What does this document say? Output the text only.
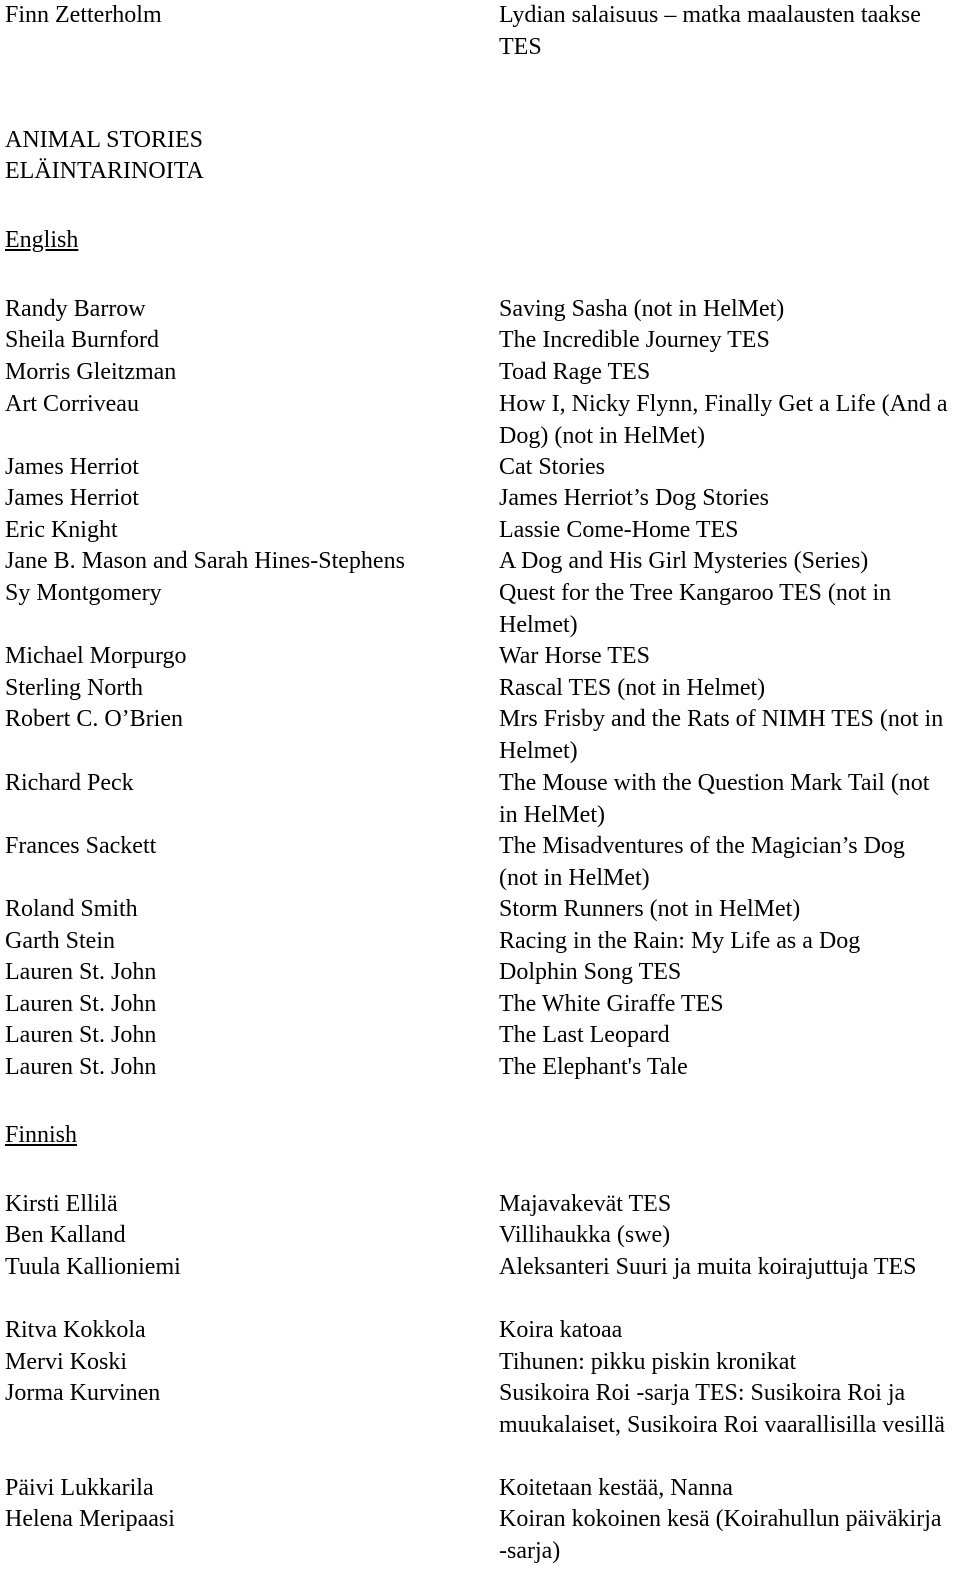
Finn Zetterholm	Lydian salaisuus – matka maalausten taakse TES
ANIMAL STORIES
ELÄINTARINOITA
English
Randy Barrow	Saving Sasha (not in HelMet)
Sheila Burnford	The Incredible Journey TES
Morris Gleitzman	Toad Rage TES
Art Corriveau	How I, Nicky Flynn, Finally Get a Life (And a Dog) (not in HelMet)
James Herriot	Cat Stories
James Herriot	James Herriot’s Dog Stories
Eric Knight	Lassie Come-Home TES
Jane B. Mason and Sarah Hines-Stephens	A Dog and His Girl Mysteries (Series)
Sy Montgomery	Quest for the Tree Kangaroo TES (not in Helmet)
Michael Morpurgo	War Horse TES
Sterling North	Rascal TES (not in Helmet)
Robert C. O’Brien	Mrs Frisby and the Rats of NIMH TES (not in Helmet)
Richard Peck	The Mouse with the Question Mark Tail (not in HelMet)
Frances Sackett	The Misadventures of the Magician’s Dog (not in HelMet)
Roland Smith	Storm Runners (not in HelMet)
Garth Stein	Racing in the Rain: My Life as a Dog
Lauren St. John	Dolphin Song TES
Lauren St. John	The White Giraffe TES
Lauren St. John	The Last Leopard
Lauren St. John	The Elephant's Tale
Finnish
Kirsti Ellilä	Majavakevät TES
Ben Kalland	Villihaukka (swe)
Tuula Kallioniemi	Aleksanteri Suuri ja muita koirajuttuja TES
Ritva Kokkola	Koira katoaa
Mervi Koski	Tihunen: pikku piskin kronikat
Jorma Kurvinen	Susikoira Roi -sarja TES: Susikoira Roi ja muukalaiset, Susikoira Roi vaarallisilla vesillä
Päivi Lukkarila	Koitetaan kestää, Nanna
Helena Meripaasi	Koiran kokoinen kesä (Koirahullun päiväkirja -sarja)
